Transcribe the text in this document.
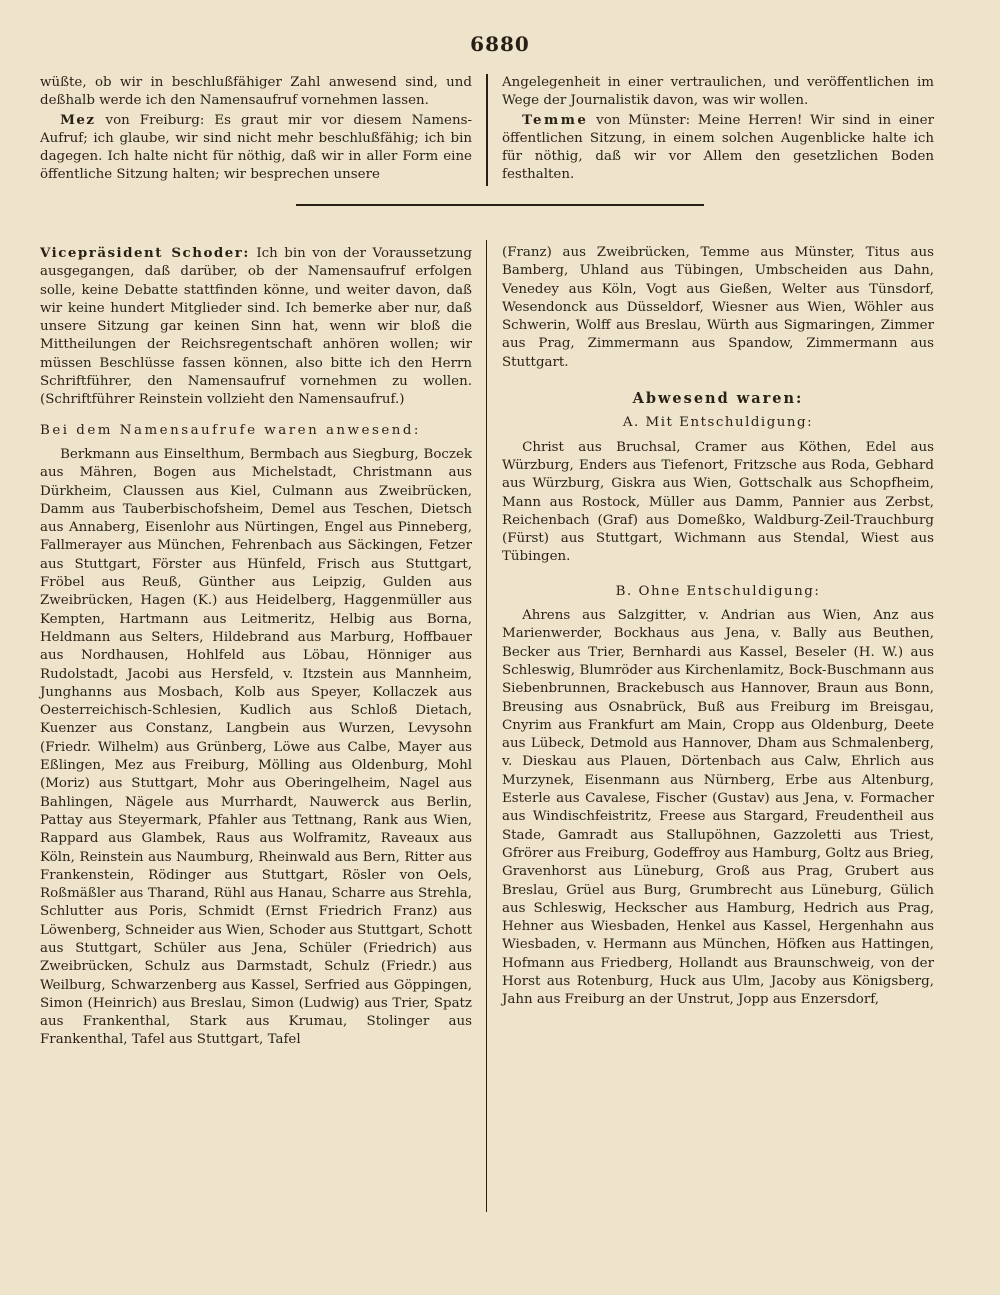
6880

wüßte, ob wir in beschlußfähiger Zahl anwesend sind, und deßhalb werde ich den Namensaufruf vornehmen lassen.

Mez von Freiburg: Es graut mir vor diesem Namens-Aufruf; ich glaube, wir sind nicht mehr beschlußfähig; ich bin dagegen. Ich halte nicht für nöthig, daß wir in aller Form eine öffentliche Sitzung halten; wir besprechen unsere

Angelegenheit in einer vertraulichen, und veröffentlichen im Wege der Journalistik davon, was wir wollen.

Temme von Münster: Meine Herren! Wir sind in einer öffentlichen Sitzung, in einem solchen Augenblicke halte ich für nöthig, daß wir vor Allem den gesetzlichen Boden festhalten.

Vicepräsident Schoder: Ich bin von der Voraussetzung ausgegangen, daß darüber, ob der Namensaufruf erfolgen solle, keine Debatte stattfinden könne, und weiter davon, daß wir keine hundert Mitglieder sind. Ich bemerke aber nur, daß unsere Sitzung gar keinen Sinn hat, wenn wir bloß die Mittheilungen der Reichsregentschaft anhören wollen; wir müssen Beschlüsse fassen können, also bitte ich den Herrn Schriftführer, den Namensaufruf vornehmen zu wollen. (Schriftführer Reinstein vollzieht den Namensaufruf.)

Bei dem Namensaufrufe waren anwesend:

Berkmann aus Einselthum, Bermbach aus Siegburg, Boczek aus Mähren, Bogen aus Michelstadt, Christmann aus Dürkheim, Claussen aus Kiel, Culmann aus Zweibrücken, Damm aus Tauberbischofsheim, Demel aus Teschen, Dietsch aus Annaberg, Eisenlohr aus Nürtingen, Engel aus Pinneberg, Fallmerayer aus München, Fehrenbach aus Säckingen, Fetzer aus Stuttgart, Förster aus Hünfeld, Frisch aus Stuttgart, Fröbel aus Reuß, Günther aus Leipzig, Gulden aus Zweibrücken, Hagen (K.) aus Heidelberg, Haggenmüller aus Kempten, Hartmann aus Leitmeritz, Helbig aus Borna, Heldmann aus Selters, Hildebrand aus Marburg, Hoffbauer aus Nordhausen, Hohlfeld aus Löbau, Hönniger aus Rudolstadt, Jacobi aus Hersfeld, v. Itzstein aus Mannheim, Junghanns aus Mosbach, Kolb aus Speyer, Kollaczek aus Oesterreichisch-Schlesien, Kudlich aus Schloß Dietach, Kuenzer aus Constanz, Langbein aus Wurzen, Levysohn (Friedr. Wilhelm) aus Grünberg, Löwe aus Calbe, Mayer aus Eßlingen, Mez aus Freiburg, Mölling aus Oldenburg, Mohl (Moriz) aus Stuttgart, Mohr aus Oberingelheim, Nagel aus Bahlingen, Nägele aus Murrhardt, Nauwerck aus Berlin, Pattay aus Steyermark, Pfahler aus Tettnang, Rank aus Wien, Rappard aus Glambek, Raus aus Wolframitz, Raveaux aus Köln, Reinstein aus Naumburg, Rheinwald aus Bern, Ritter aus Frankenstein, Rödinger aus Stuttgart, Rösler von Oels, Roßmäßler aus Tharand, Rühl aus Hanau, Scharre aus Strehla, Schlutter aus Poris, Schmidt (Ernst Friedrich Franz) aus Löwenberg, Schneider aus Wien, Schoder aus Stuttgart, Schott aus Stuttgart, Schüler aus Jena, Schüler (Friedrich) aus Zweibrücken, Schulz aus Darmstadt, Schulz (Friedr.) aus Weilburg, Schwarzenberg aus Kassel, Serfried aus Göppingen, Simon (Heinrich) aus Breslau, Simon (Ludwig) aus Trier, Spatz aus Frankenthal, Stark aus Krumau, Stolinger aus Frankenthal, Tafel aus Stuttgart, Tafel

(Franz) aus Zweibrücken, Temme aus Münster, Titus aus Bamberg, Uhland aus Tübingen, Umbscheiden aus Dahn, Venedey aus Köln, Vogt aus Gießen, Welter aus Tünsdorf, Wesendonck aus Düsseldorf, Wiesner aus Wien, Wöhler aus Schwerin, Wolff aus Breslau, Würth aus Sigmaringen, Zimmer aus Prag, Zimmermann aus Spandow, Zimmermann aus Stuttgart.

Abwesend waren:

A. Mit Entschuldigung:

Christ aus Bruchsal, Cramer aus Köthen, Edel aus Würzburg, Enders aus Tiefenort, Fritzsche aus Roda, Gebhard aus Würzburg, Giskra aus Wien, Gottschalk aus Schopfheim, Mann aus Rostock, Müller aus Damm, Pannier aus Zerbst, Reichenbach (Graf) aus Domeßko, Waldburg-Zeil-Trauchburg (Fürst) aus Stuttgart, Wichmann aus Stendal, Wiest aus Tübingen.

B. Ohne Entschuldigung:

Ahrens aus Salzgitter, v. Andrian aus Wien, Anz aus Marienwerder, Bockhaus aus Jena, v. Bally aus Beuthen, Becker aus Trier, Bernhardi aus Kassel, Beseler (H. W.) aus Schleswig, Blumröder aus Kirchenlamitz, Bock-Buschmann aus Siebenbrunnen, Brackebusch aus Hannover, Braun aus Bonn, Breusing aus Osnabrück, Buß aus Freiburg im Breisgau, Cnyrim aus Frankfurt am Main, Cropp aus Oldenburg, Deete aus Lübeck, Detmold aus Hannover, Dham aus Schmalenberg, v. Dieskau aus Plauen, Dörtenbach aus Calw, Ehrlich aus Murzynek, Eisenmann aus Nürnberg, Erbe aus Altenburg, Esterle aus Cavalese, Fischer (Gustav) aus Jena, v. Formacher aus Windischfeistritz, Freese aus Stargard, Freudentheil aus Stade, Gamradt aus Stallupöhnen, Gazzoletti aus Triest, Gfrörer aus Freiburg, Godeffroy aus Hamburg, Goltz aus Brieg, Gravenhorst aus Lüneburg, Groß aus Prag, Grubert aus Breslau, Grüel aus Burg, Grumbrecht aus Lüneburg, Gülich aus Schleswig, Heckscher aus Hamburg, Hedrich aus Prag, Hehner aus Wiesbaden, Henkel aus Kassel, Hergenhahn aus Wiesbaden, v. Hermann aus München, Höfken aus Hattingen, Hofmann aus Friedberg, Hollandt aus Braunschweig, von der Horst aus Rotenburg, Huck aus Ulm, Jacoby aus Königsberg, Jahn aus Freiburg an der Unstrut, Jopp aus Enzersdorf,
